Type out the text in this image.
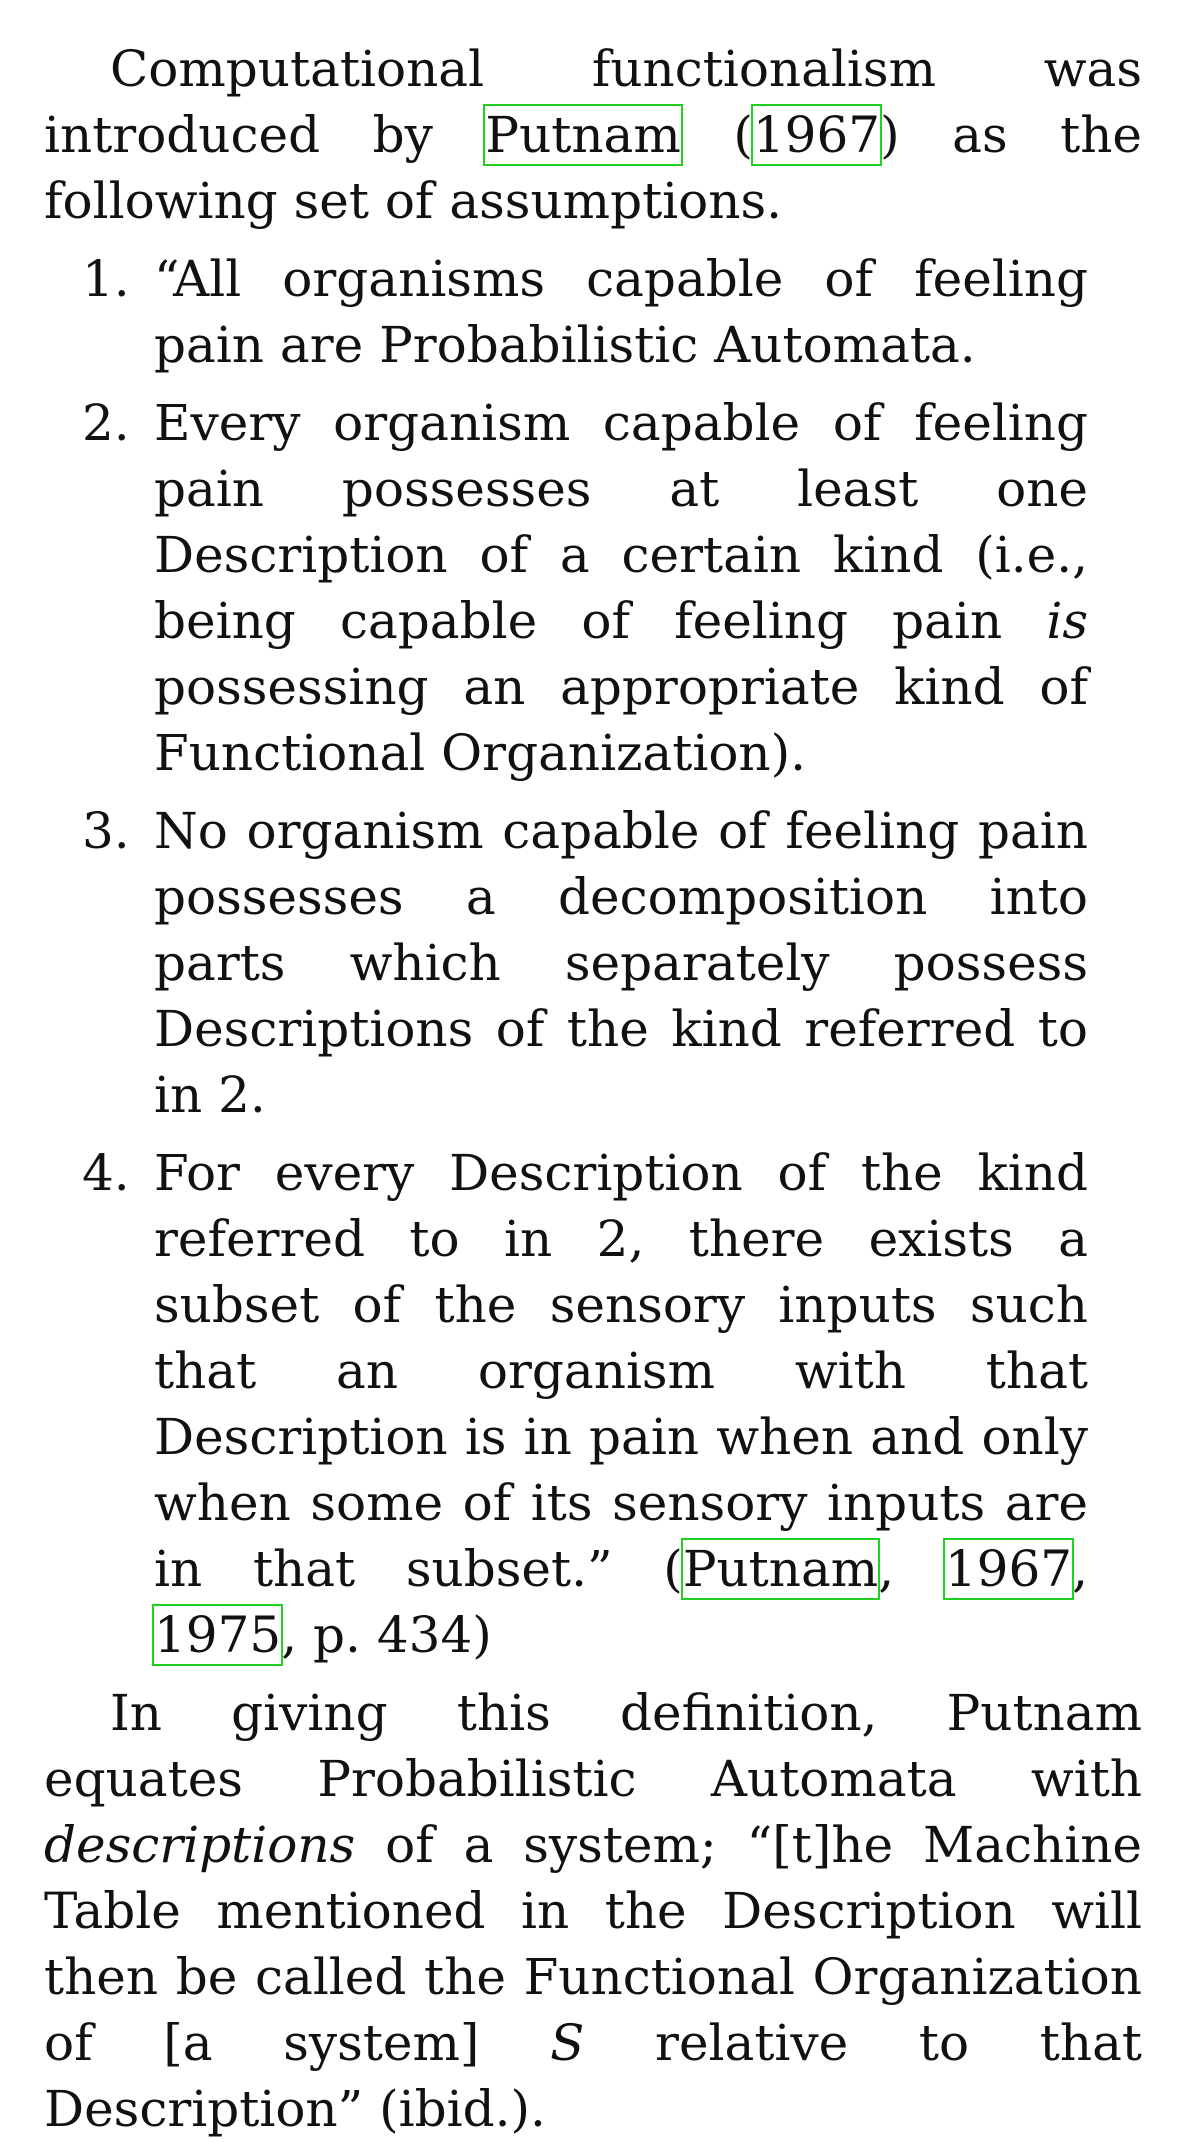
Computational functionalism was introduced by Putnam (1967) as the following set of assumptions.

1. “All organisms capable of feeling pain are Probabilistic Automata.
2. Every organism capable of feeling pain possesses at least one Description of a certain kind (i.e., being capable of feeling pain is possessing an appropriate kind of Functional Organization).
3. No organism capable of feeling pain possesses a decomposition into parts which separately possess Descriptions of the kind referred to in 2.
4. For every Description of the kind referred to in 2, there exists a subset of the sensory inputs such that an organism with that Description is in pain when and only when some of its sensory inputs are in that subset.” (Putnam, 1967, 1975, p. 434)

In giving this definition, Putnam equates Probabilistic Automata with descriptions of a system; “[t]he Machine Table mentioned in the Description will then be called the Functional Organization of [a system] S relative to that Description” (ibid.).
